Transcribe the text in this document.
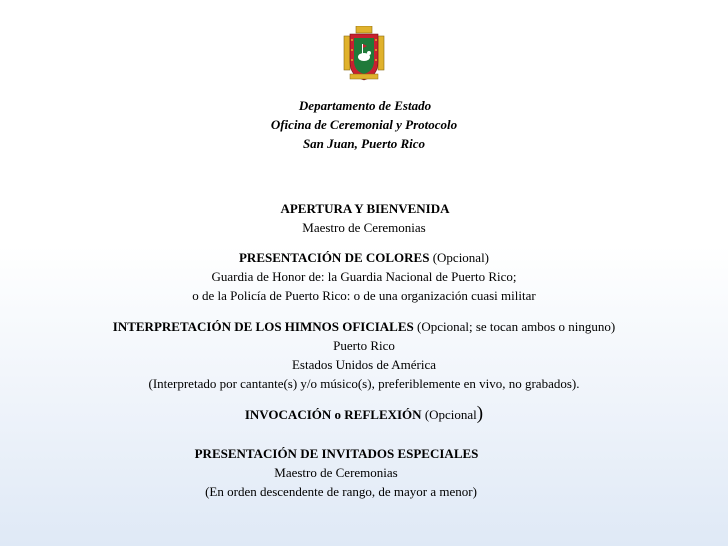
Departamento de Estado
Oficina de Ceremonial y Protocolo
San Juan, Puerto Rico
APERTURA Y BIENVENIDA
Maestro de Ceremonias
PRESENTACIÓN DE COLORES (Opcional)
Guardia de Honor de: la Guardia Nacional de Puerto Rico;
o de la Policía de Puerto Rico: o de una organización cuasi militar
INTERPRETACIÓN DE LOS HIMNOS OFICIALES (Opcional; se tocan ambos o ninguno)
Puerto Rico
Estados Unidos de América
(Interpretado por cantante(s) y/o músico(s), preferiblemente en vivo, no grabados).
INVOCACIÓN o REFLEXIÓN (Opcional)
PRESENTACIÓN DE INVITADOS ESPECIALES
Maestro de Ceremonias
(En orden descendente de rango, de mayor a menor)
